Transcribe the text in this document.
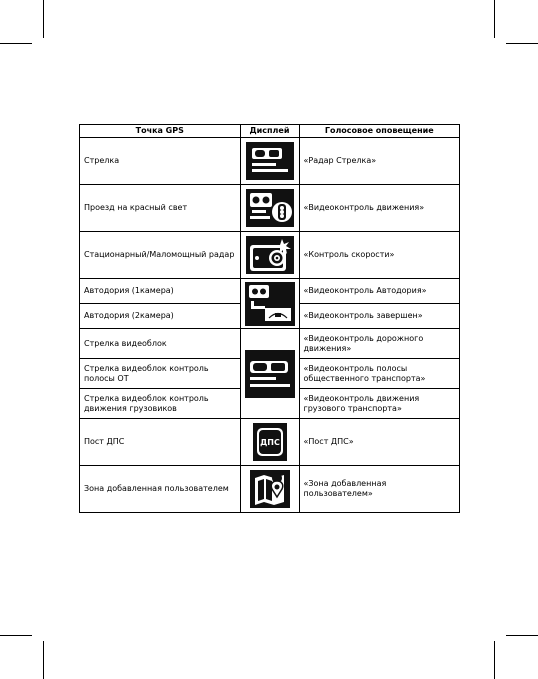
Точка GPS	Дисплей	Голосовое оповещение
Стрелка		«Радар Стрелка»
Проезд на красный свет		«Видеоконтроль движения»
Стационарный/Маломощный радар		«Контроль скорости»
Автодория (1камера)		«Видеоконтроль Автодория»
Автодория (2камера)		«Видеоконтроль завершен»
Стрелка видеоблок		«Видеоконтроль дорожного движения»
Стрелка видеоблок контроль полосы ОТ		«Видеоконтроль полосы общественного транспорта»
Стрелка видеоблок контроль движения грузовиков		«Видеоконтроль движения грузового транспорта»
Пост ДПС	ДПС	«Пост ДПС»
Зона добавленная пользователем		«Зона добавленная пользователем»
